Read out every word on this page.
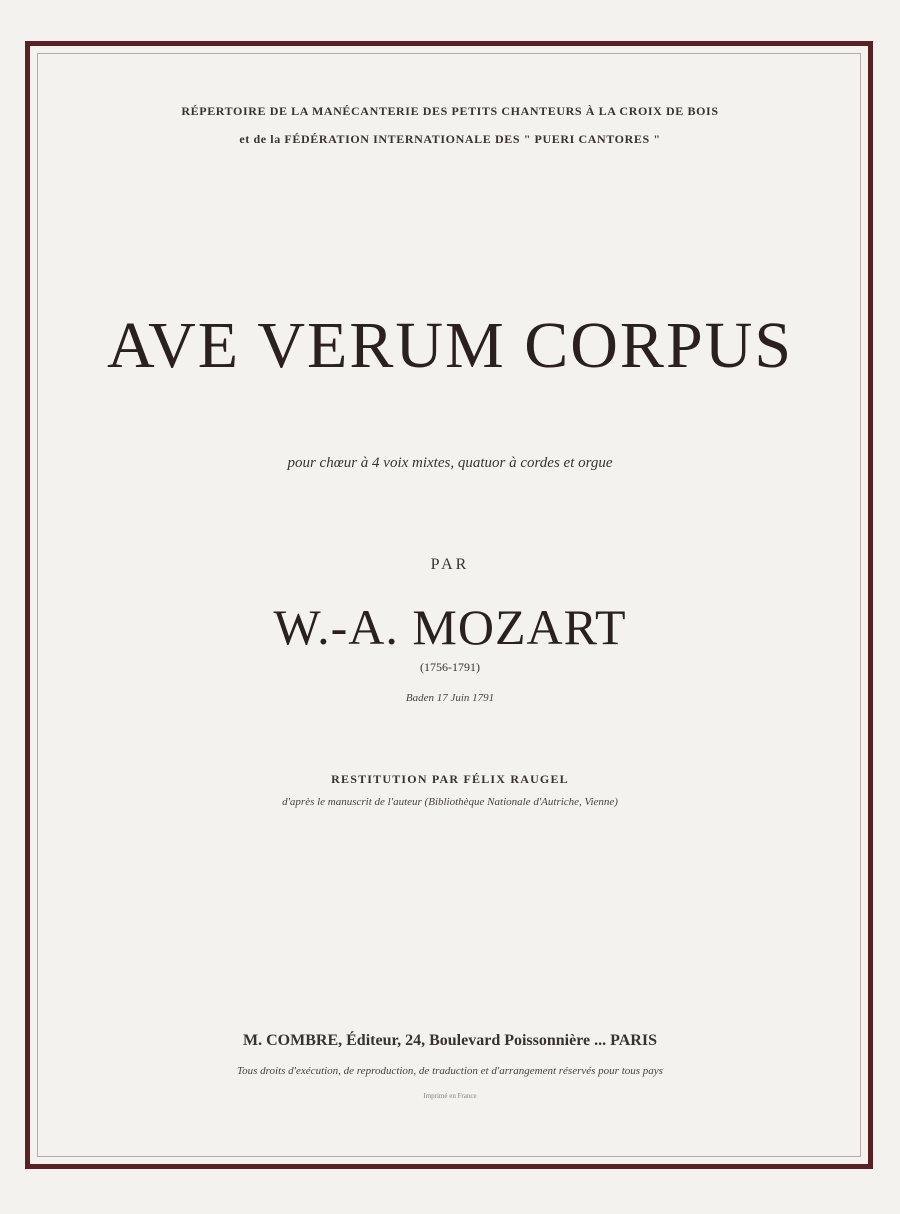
RÉPERTOIRE DE LA MANÉCANTERIE DES PETITS CHANTEURS À LA CROIX DE BOIS
et de la FÉDÉRATION INTERNATIONALE DES " PUERI CANTORES "
AVE VERUM CORPUS
pour chœur à 4 voix mixtes, quatuor à cordes et orgue
PAR
W.-A. MOZART
(1756-1791)
Baden 17 Juin 1791
RESTITUTION PAR FÉLIX RAUGEL
d'après le manuscrit de l'auteur (Bibliothèque Nationale d'Autriche, Vienne)
M. COMBRE, Éditeur, 24, Boulevard Poissonnière ... PARIS
Tous droits d'exécution, de reproduction, de traduction et d'arrangement réservés pour tous pays
Imprimé en France
